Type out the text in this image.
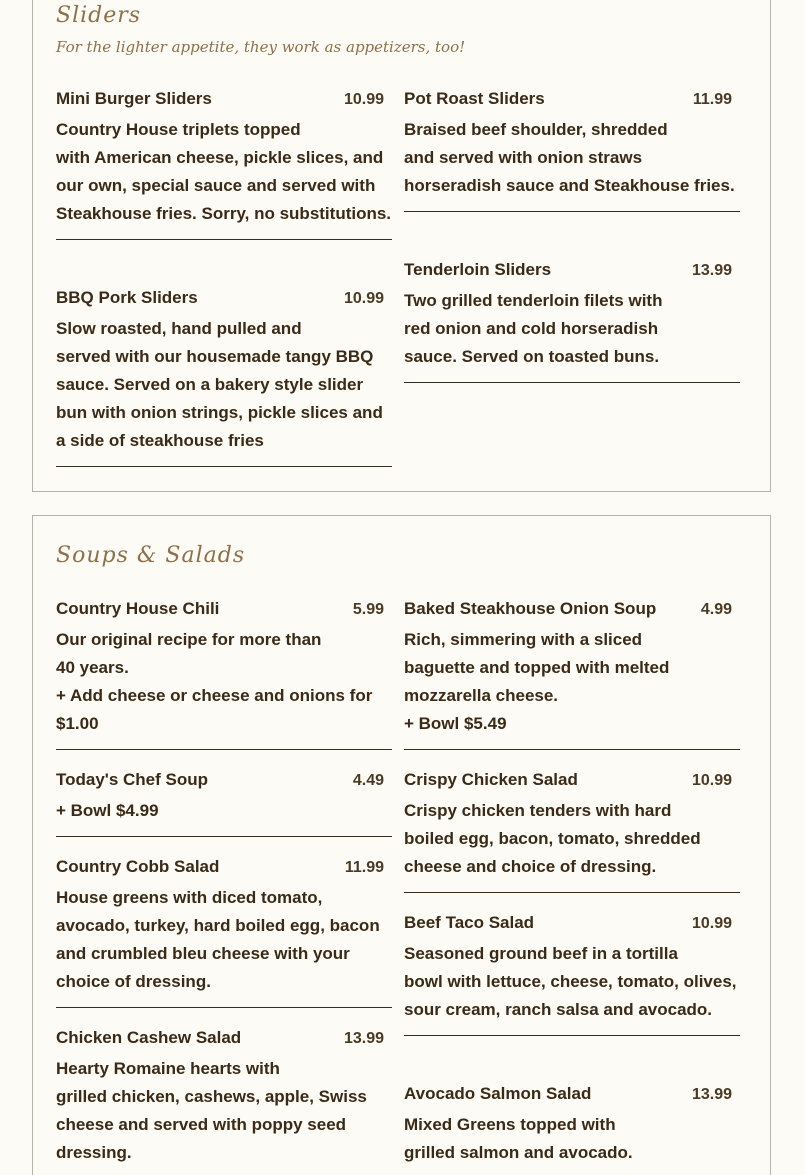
Sliders
For the lighter appetite, they work as appetizers, too!
Mini Burger Sliders	10.99
Country House triplets topped
with American cheese, pickle slices, and
our own, special sauce and served with
Steakhouse fries. Sorry, no substitutions.
Pot Roast Sliders	11.99
Braised beef shoulder, shredded
and served with onion straws
horseradish sauce and Steakhouse fries.
BBQ Pork Sliders	10.99
Slow roasted, hand pulled and
served with our housemade tangy BBQ
sauce. Served on a bakery style slider
bun with onion strings, pickle slices and
a side of steakhouse fries
Tenderloin Sliders	13.99
Two grilled tenderloin filets with
red onion and cold horseradish
sauce. Served on toasted buns.
Soups & Salads
Country House Chili	5.99
Our original recipe for more than
40 years.
+ Add cheese or cheese and onions for
$1.00
Baked Steakhouse Onion Soup	4.99
Rich, simmering with a sliced
baguette and topped with melted
mozzarella cheese.
+ Bowl $5.49
Today's Chef Soup	4.49
+ Bowl $4.99
Crispy Chicken Salad	10.99
Crispy chicken tenders with hard
boiled egg, bacon, tomato, shredded
cheese and choice of dressing.
Country Cobb Salad	11.99
House greens with diced tomato,
avocado, turkey, hard boiled egg, bacon
and crumbled bleu cheese with your
choice of dressing.
Beef Taco Salad	10.99
Seasoned ground beef in a tortilla
bowl with lettuce, cheese, tomato, olives,
sour cream, ranch salsa and avocado.
Chicken Cashew Salad	13.99
Hearty Romaine hearts with
grilled chicken, cashews, apple, Swiss
cheese and served with poppy seed
dressing.
Avocado Salmon Salad	13.99
Mixed Greens topped with
grilled salmon and avocado.
